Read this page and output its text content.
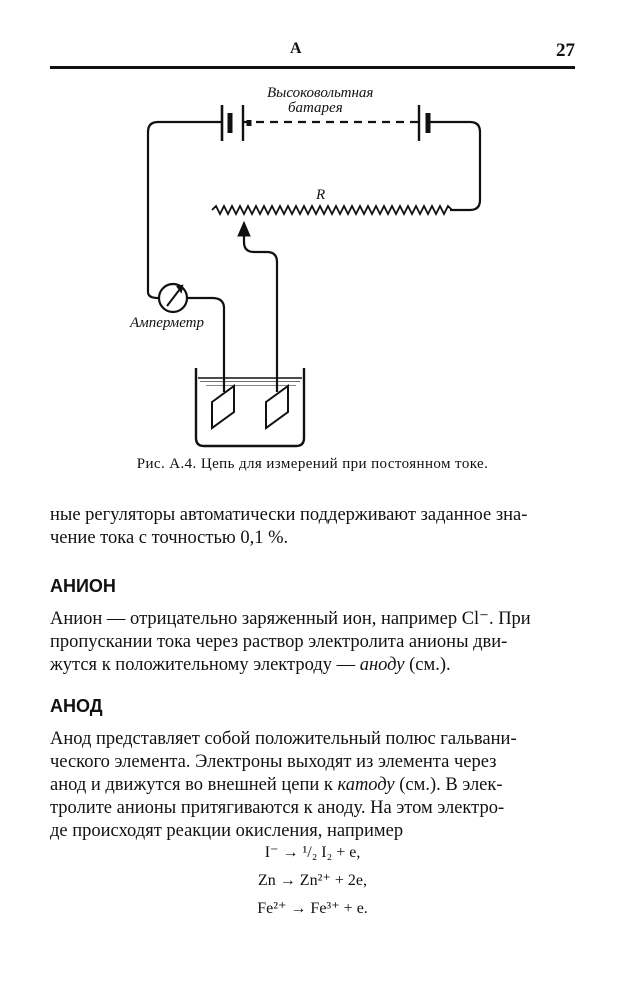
A	27
Высоковольтная
батарея
R
Амперметр
Рис. А.4. Цепь для измерений при постоянном токе.

ные регуляторы автоматически поддерживают заданное зна-

чение тока с точностью 0,1 %.

АНИОН

Анион — отрицательно заряженный ион, например Cl⁻. При

пропускании тока через раствор электролита анионы дви-

жутся к положительному электроду — аноду (см.).

АНОД

Анод представляет собой положительный полюс гальвани-

ческого элемента. Электроны выходят из элемента через

анод и движутся во внешней цепи к катоду (см.). В элек-

тролите анионы притягиваются к аноду. На этом электро-

де происходят реакции окисления, например

I⁻ → ¹/₂ I₂ + e,
Zn → Zn²⁺ + 2e,
Fe²⁺ → Fe³⁺ + e.
